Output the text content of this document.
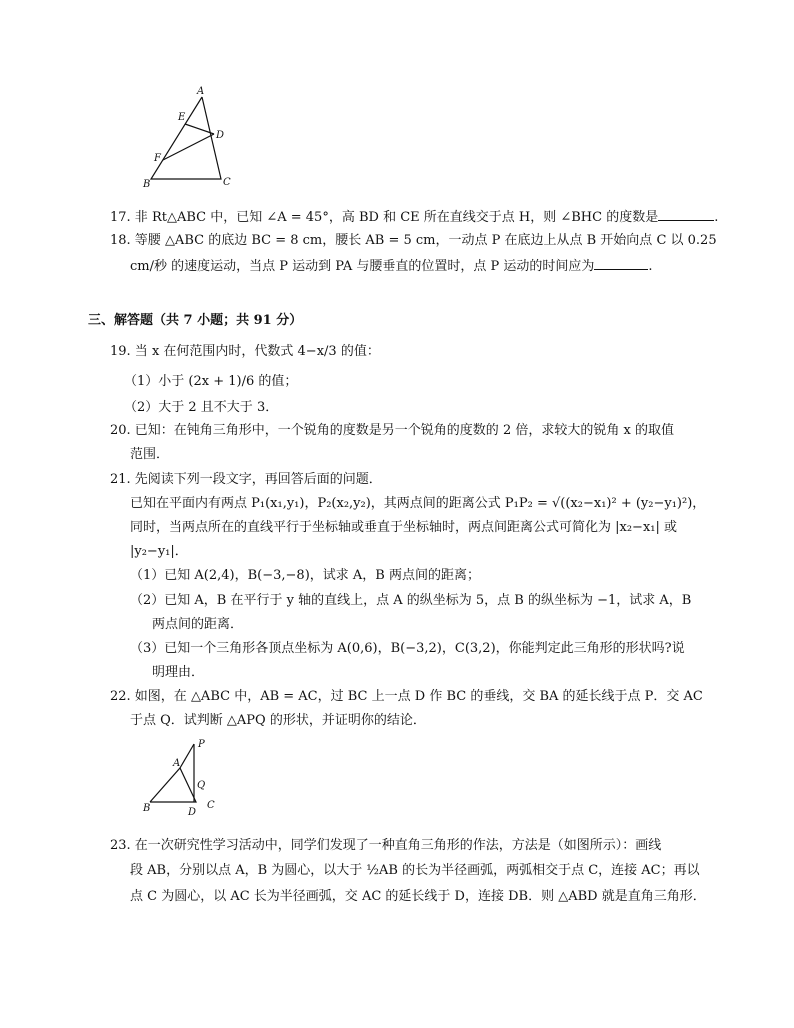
A
E
D
F
B	C
17. 非 Rt△ABC 中，已知 ∠A = 45°，高 BD 和 CE 所在直线交于点 H，则 ∠BHC 的度数是	.
18. 等腰 △ABC 的底边 BC = 8 cm，腰长 AB = 5 cm，一动点 P 在底边上从点 B 开始向点 C 以 0.25
cm/秒 的速度运动，当点 P 运动到 PA 与腰垂直的位置时，点 P 运动的时间应为	.
三、解答题（共 7 小题；共 91 分）
19. 当 x 在何范围内时，代数式 4−x/3 的值：
（1）小于 (2x + 1)/6 的值；
（2）大于 2 且不大于 3．
20. 已知：在钝角三角形中，一个锐角的度数是另一个锐角的度数的 2 倍，求较大的锐角 x 的取值
范围．
21. 先阅读下列一段文字，再回答后面的问题．
已知在平面内有两点 P₁(x₁,y₁)，P₂(x₂,y₂)，其两点间的距离公式 P₁P₂ = √((x₂−x₁)² + (y₂−y₁)²)，
同时，当两点所在的直线平行于坐标轴或垂直于坐标轴时，两点间距离公式可简化为 |x₂−x₁| 或
|y₂−y₁|．
（1）已知 A(2,4)，B(−3,−8)，试求 A，B 两点间的距离；
（2）已知 A，B 在平行于 y 轴的直线上，点 A 的纵坐标为 5，点 B 的纵坐标为 −1，试求 A，B
两点间的距离．
（3）已知一个三角形各顶点坐标为 A(0,6)，B(−3,2)，C(3,2)，你能判定此三角形的形状吗?说
明理由．
22. 如图，在 △ABC 中，AB = AC，过 BC 上一点 D 作 BC 的垂线，交 BA 的延长线于点 P．交 AC
于点 Q．试判断 △APQ 的形状，并证明你的结论．
P
A
Q
B	D
C
23. 在一次研究性学习活动中，同学们发现了一种直角三角形的作法，方法是（如图所示）：画线
段 AB，分别以点 A，B 为圆心，以大于 ½AB 的长为半径画弧，两弧相交于点 C，连接 AC；再以
点 C 为圆心，以 AC 长为半径画弧，交 AC 的延长线于 D，连接 DB．则 △ABD 就是直角三角形．
